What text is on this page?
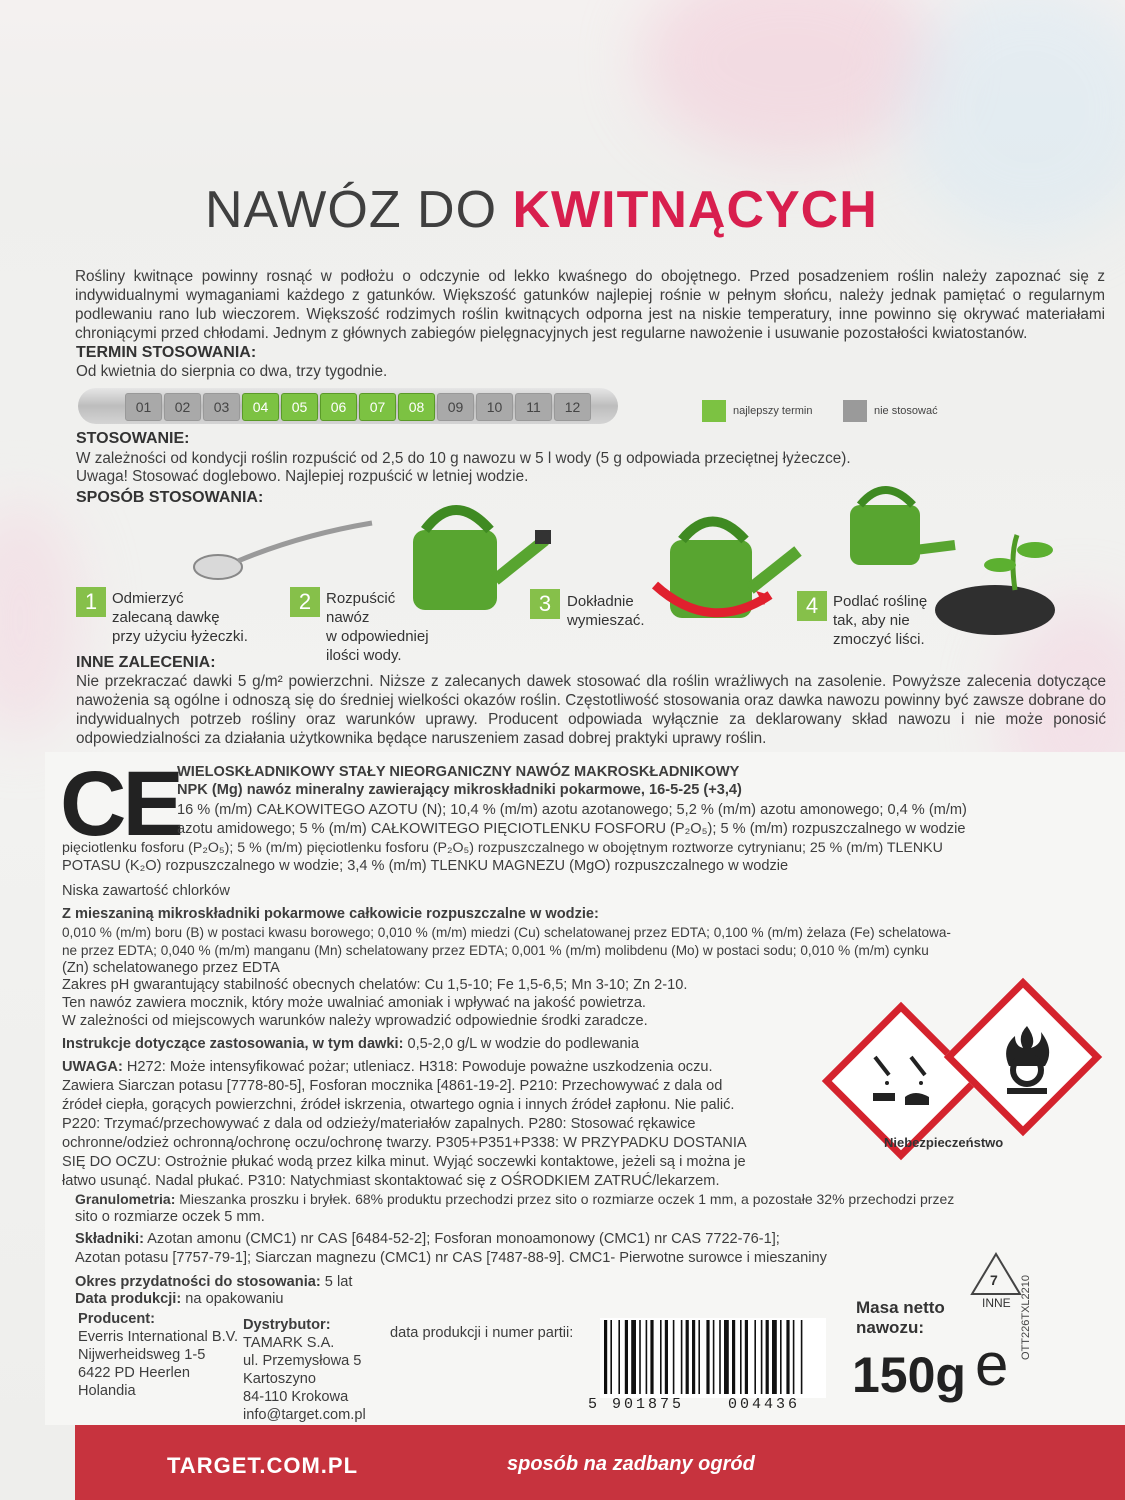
NAWÓZ DO KWITNĄCYCH
Rośliny kwitnące powinny rosnąć w podłożu o odczynie od lekko kwaśnego do obojętnego. Przed posadzeniem roślin należy zapoznać się z indywidualnymi wymaganiami każdego z gatunków. Większość gatunków najlepiej rośnie w pełnym słońcu, należy jednak pamiętać o regularnym podlewaniu rano lub wieczorem. Większość rodzimych roślin kwitnących odporna jest na niskie temperatury, inne powinno się okrywać materiałami chroniącymi przed chłodami. Jednym z głównych zabiegów pielęgnacyjnych jest regularne nawożenie i usuwanie pozostałości kwiatostanów.
TERMIN STOSOWANIA:
Od kwietnia do sierpnia co dwa, trzy tygodnie.
01	02	03	04	05	06	07	08	09	10	11	12	najlepszy termin	nie stosować
STOSOWANIE:
W zależności od kondycji roślin rozpuścić od 2,5 do 10 g nawozu w 5 l wody (5 g odpowiada przeciętnej łyżeczce).
Uwaga! Stosować doglebowo. Najlepiej rozpuścić w letniej wodzie.
SPOSÓB STOSOWANIA:
1 Odmierzyć
zalecaną dawkę
przy użyciu łyżeczki.
2 Rozpuścić
nawóz
w odpowiedniej
ilości wody.
3	Dokładnie
wymieszać.
4 Podlać roślinę
tak, aby nie
zmoczyć liści.
INNE ZALECENIA:
Nie przekraczać dawki 5 g/m² powierzchni. Niższe z zalecanych dawek stosować dla roślin wrażliwych na zasolenie. Powyższe zalecenia dotyczące nawożenia są ogólne i odnoszą się do średniej wielkości okazów roślin. Częstotliwość stosowania oraz dawka nawozu powinny być zawsze dobrane do indywidualnych potrzeb rośliny oraz warunków uprawy. Producent odpowiada wyłącznie za deklarowany skład nawozu i nie może ponosić odpowiedzialności za działania użytkownika będące naruszeniem zasad dobrej praktyki uprawy roślin.
CE
WIELOSKŁADNIKOWY STAŁY NIEORGANICZNY NAWÓZ MAKROSKŁADNIKOWY
NPK (Mg) nawóz mineralny zawierający mikroskładniki pokarmowe, 16-5-25 (+3,4)
16 % (m/m) CAŁKOWITEGO AZOTU (N); 10,4 % (m/m) azotu azotanowego; 5,2 % (m/m) azotu amonowego; 0,4 % (m/m)
azotu amidowego; 5 % (m/m) CAŁKOWITEGO PIĘCIOTLENKU FOSFORU (P₂O₅); 5 % (m/m) rozpuszczalnego w wodzie
pięciotlenku fosforu (P₂O₅); 5 % (m/m) pięciotlenku fosforu (P₂O₅) rozpuszczalnego w obojętnym roztworze cytrynianu; 25 % (m/m) TLENKU
POTASU (K₂O) rozpuszczalnego w wodzie; 3,4 % (m/m) TLENKU MAGNEZU (MgO) rozpuszczalnego w wodzie
Niska zawartość chlorków
Z mieszaniną mikroskładniki pokarmowe całkowicie rozpuszczalne w wodzie:
0,010 % (m/m) boru (B) w postaci kwasu borowego; 0,010 % (m/m) miedzi (Cu) schelatowanej przez EDTA; 0,100 % (m/m) żelaza (Fe) schelatowa-
ne przez EDTA; 0,040 % (m/m) manganu (Mn) schelatowany przez EDTA; 0,001 % (m/m) molibdenu (Mo) w postaci sodu; 0,010 % (m/m) cynku
(Zn) schelatowanego przez EDTA
Zakres pH gwarantujący stabilność obecnych chelatów: Cu 1,5-10; Fe 1,5-6,5; Mn 3-10; Zn 2-10.
Ten nawóz zawiera mocznik, który może uwalniać amoniak i wpływać na jakość powietrza.
W zależności od miejscowych warunków należy wprowadzić odpowiednie środki zaradcze.
Instrukcje dotyczące zastosowania, w tym dawki: 0,5-2,0 g/L w wodzie do podlewania
UWAGA: H272: Może intensyfikować pożar; utleniacz. H318: Powoduje poważne uszkodzenia oczu.
Zawiera Siarczan potasu [7778-80-5], Fosforan mocznika [4861-19-2]. P210: Przechowywać z dala od
źródeł ciepła, gorących powierzchni, źródeł iskrzenia, otwartego ognia i innych źródeł zapłonu. Nie palić.
P220: Trzymać/przechowywać z dala od odzieży/materiałów zapalnych. P280: Stosować rękawice
ochronne/odzież ochronną/ochronę oczu/ochronę twarzy. P305+P351+P338: W PRZYPADKU DOSTANIA
SIĘ DO OCZU: Ostrożnie płukać wodą przez kilka minut. Wyjąć soczewki kontaktowe, jeżeli są i można je
łatwo usunąć. Nadal płukać. P310: Natychmiast skontaktować się z OŚRODKIEM ZATRUĆ/lekarzem.
Niebezpieczeństwo
Granulometria: Mieszanka proszku i bryłek. 68% produktu przechodzi przez sito o rozmiarze oczek 1 mm, a pozostałe 32% przechodzi przez
sito o rozmiarze oczek 5 mm.
Składniki: Azotan amonu (CMC1) nr CAS [6484-52-2]; Fosforan monoamonowy (CMC1) nr CAS 7722-76-1];
Azotan potasu [7757-79-1]; Siarczan magnezu (CMC1) nr CAS [7487-88-9]. CMC1- Pierwotne surowce i mieszaniny
Okres przydatności do stosowania: 5 lat
Data produkcji: na opakowaniu
7
INNE
Producent:
Everris International B.V.
Nijwerheidsweg 1-5
6422 PD Heerlen
Holandia
Dystrybutor:
TAMARK S.A.
ul. Przemysłowa 5
Kartoszyno
84-110 Krokowa
info@target.com.pl
data produkcji i numer partii:
5 901875	004436
Masa netto
nawozu:
150g e
OTT226TXL2210
TARGET.COM.PL	sposób na zadbany ogród
